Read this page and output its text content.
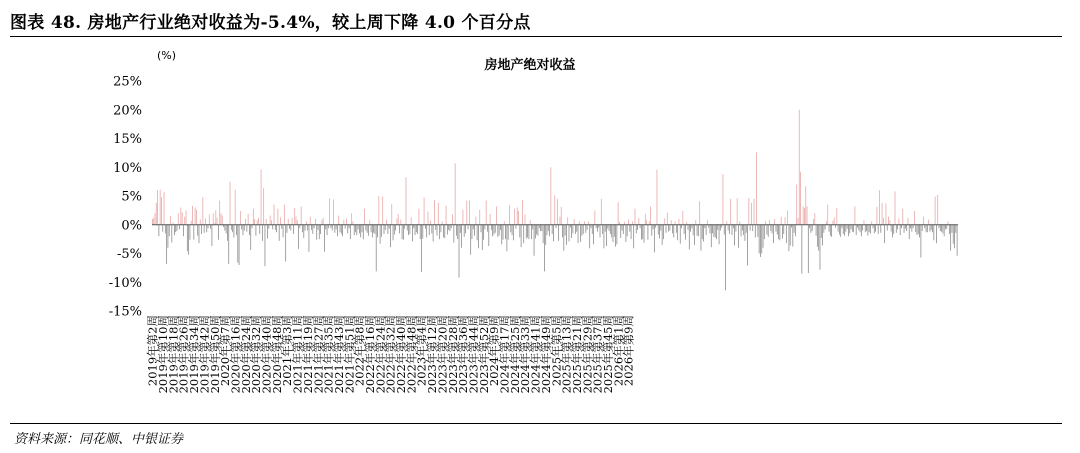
图表 48. 房地产行业绝对收益为-5.4%，较上周下降 4.0 个百分点
(%)
房地产绝对收益
25%
20%
15%
10%
5%
0%
-5%
-10%
-15%
2019年第2周
2019年第10周
2019年第18周
2019年第26周
2019年第34周
2019年第42周
2019年第50周
2020年第7周
2020年第16周
2020年第24周
2020年第32周
2020年第40周
2020年第48周
2021年第3周
2021年第11周
2021年第19周
2021年第27周
2021年第35周
2021年第43周
2021年第51周
2022年第8周
2022年第16周
2022年第24周
2022年第32周
2022年第40周
2022年第48周
2023年第4周
2023年第12周
2023年第20周
2023年第28周
2023年第36周
2023年第44周
2023年第52周
2024年第9周
2024年第17周
2024年第25周
2024年第33周
2024年第41周
2024年第49周
2025年第5周
2025年第13周
2025年第21周
2025年第29周
2025年第37周
2025年第45周
2026年第1周
2026年第9周
资料来源：同花顺、中银证券
